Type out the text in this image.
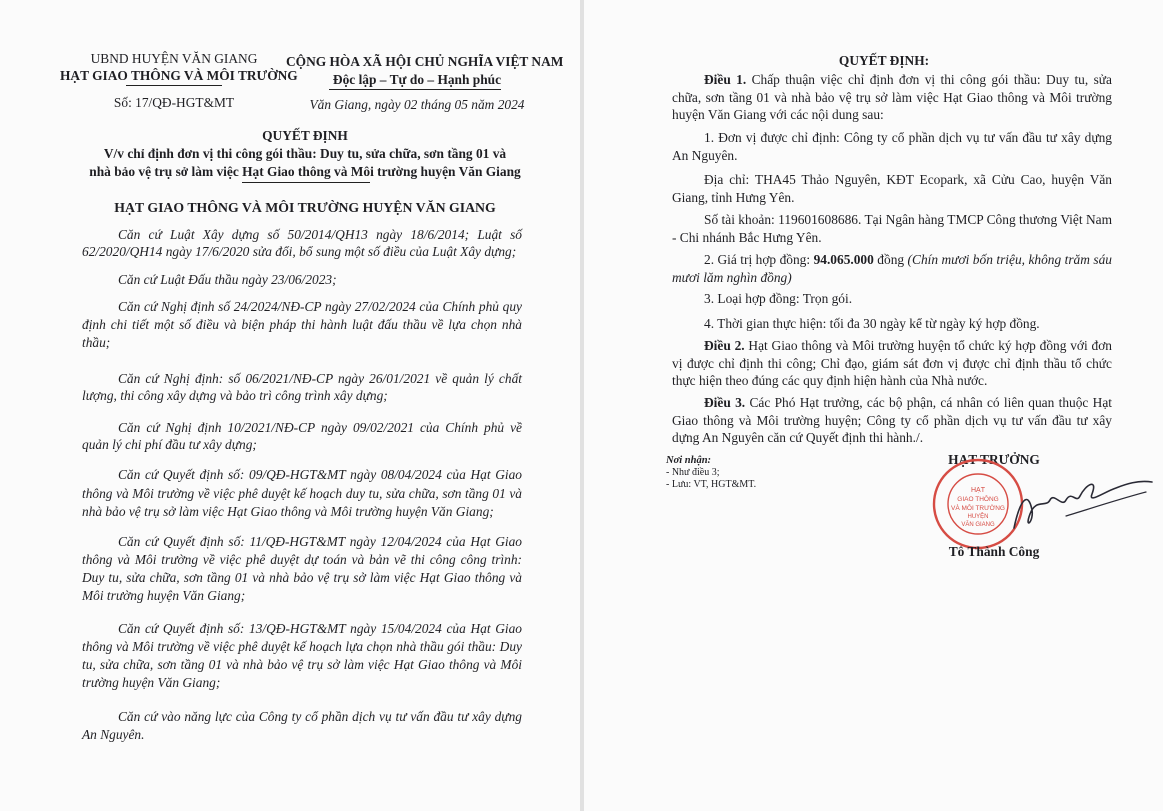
UBND HUYỆN VĂN GIANG
HẠT GIAO THÔNG VÀ MÔI TRƯỜNG
Số: 17/QĐ-HGT&MT
CỘNG HÒA XÃ HỘI CHỦ NGHĨA VIỆT NAM
Độc lập – Tự do – Hạnh phúc
Văn Giang, ngày 02 tháng 05 năm 2024
QUYẾT ĐỊNH
V/v chỉ định đơn vị thi công gói thầu: Duy tu, sửa chữa, sơn tầng 01 và
nhà bảo vệ trụ sở làm việc Hạt Giao thông và Môi trường huyện Văn Giang
HẠT GIAO THÔNG VÀ MÔI TRƯỜNG HUYỆN VĂN GIANG
Căn cứ Luật Xây dựng số 50/2014/QH13 ngày 18/6/2014; Luật số 62/2020/QH14 ngày 17/6/2020 sửa đổi, bổ sung một số điều của Luật Xây dựng;
Căn cứ Luật Đấu thầu ngày 23/06/2023;
Căn cứ Nghị định số 24/2024/NĐ-CP ngày 27/02/2024 của Chính phủ quy định chi tiết một số điều và biện pháp thi hành luật đấu thầu về lựa chọn nhà thầu;
Căn cứ Nghị định: số 06/2021/NĐ-CP ngày 26/01/2021 về quản lý chất lượng, thi công xây dựng và bảo trì công trình xây dựng;
Căn cứ Nghị định 10/2021/NĐ-CP ngày 09/02/2021 của Chính phủ về quản lý chi phí đầu tư xây dựng;
Căn cứ Quyết định số: 09/QĐ-HGT&MT ngày 08/04/2024 của Hạt Giao thông và Môi trường về việc phê duyệt kế hoạch duy tu, sửa chữa, sơn tầng 01 và nhà bảo vệ trụ sở làm việc Hạt Giao thông và Môi trường huyện Văn Giang;
Căn cứ Quyết định số: 11/QĐ-HGT&MT ngày 12/04/2024 của Hạt Giao thông và Môi trường về việc phê duyệt dự toán và bản vẽ thi công công trình: Duy tu, sửa chữa, sơn tầng 01 và nhà bảo vệ trụ sở làm việc Hạt Giao thông và Môi trường huyện Văn Giang;
Căn cứ Quyết định số: 13/QĐ-HGT&MT ngày 15/04/2024 của Hạt Giao thông và Môi trường về việc phê duyệt kế hoạch lựa chọn nhà thầu gói thầu: Duy tu, sửa chữa, sơn tầng 01 và nhà bảo vệ trụ sở làm việc Hạt Giao thông và Môi trường huyện Văn Giang;
Căn cứ vào năng lực của Công ty cổ phần dịch vụ tư vấn đầu tư xây dựng An Nguyên.
QUYẾT ĐỊNH:
Điều 1. Chấp thuận việc chỉ định đơn vị thi công gói thầu: Duy tu, sửa chữa, sơn tầng 01 và nhà bảo vệ trụ sở làm việc Hạt Giao thông và Môi trường huyện Văn Giang với các nội dung sau:
1. Đơn vị được chỉ định: Công ty cổ phần dịch vụ tư vấn đầu tư xây dựng An Nguyên.
Địa chỉ: THA45 Thảo Nguyên, KĐT Ecopark, xã Cửu Cao, huyện Văn Giang, tỉnh Hưng Yên.
Số tài khoản: 119601608686. Tại Ngân hàng TMCP Công thương Việt Nam - Chi nhánh Bắc Hưng Yên.
2. Giá trị hợp đồng: 94.065.000 đồng (Chín mươi bốn triệu, không trăm sáu mươi lăm nghìn đồng)
3. Loại hợp đồng: Trọn gói.
4. Thời gian thực hiện: tối đa 30 ngày kể từ ngày ký hợp đồng.
Điều 2. Hạt Giao thông và Môi trường huyện tổ chức ký hợp đồng với đơn vị được chỉ định thi công; Chỉ đạo, giám sát đơn vị được chỉ định thầu tổ chức thực hiện theo đúng các quy định hiện hành của Nhà nước.
Điều 3. Các Phó Hạt trưởng, các bộ phận, cá nhân có liên quan thuộc Hạt Giao thông và Môi trường huyện; Công ty cổ phần dịch vụ tư vấn đầu tư xây dựng An Nguyên căn cứ Quyết định thi hành./.
Nơi nhận:
- Như điều 3;
- Lưu: VT, HGT&MT.
HẠT TRƯỞNG
HẠT
GIAO THÔNG
VÀ MÔI TRƯỜNG
HUYỆN
VĂN GIANG
Tô Thành Công
